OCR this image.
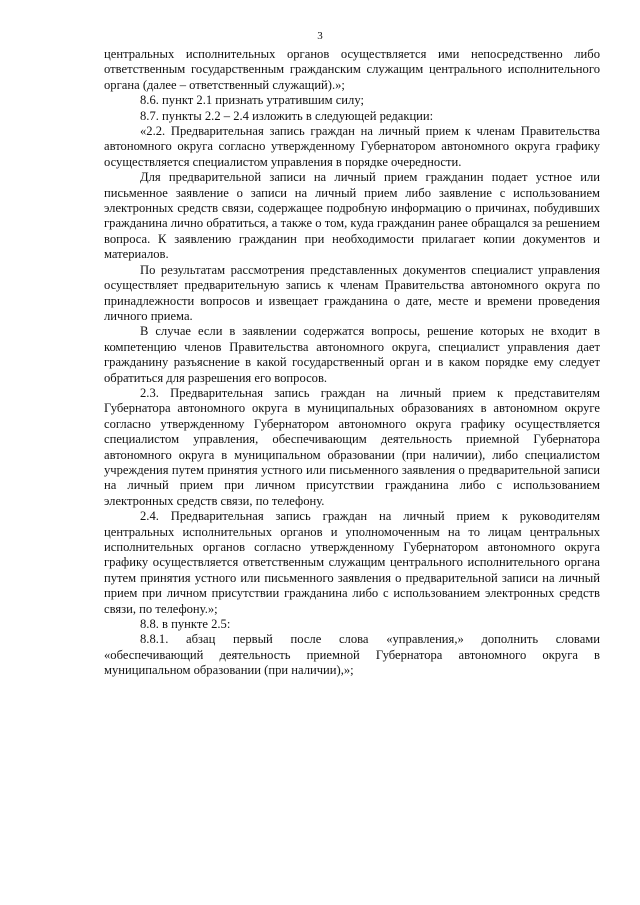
3

центральных исполнительных органов осуществляется ими непосредственно либо ответственным государственным гражданским служащим центрального исполнительного органа (далее – ответственный служащий).»;

8.6. пункт 2.1 признать утратившим силу;

8.7. пункты 2.2 – 2.4 изложить в следующей редакции:

«2.2. Предварительная запись граждан на личный прием к членам Правительства автономного округа согласно утвержденному Губернатором автономного округа графику осуществляется специалистом управления в порядке очередности.

Для предварительной записи на личный прием гражданин подает устное или письменное заявление о записи на личный прием либо заявление с использованием электронных средств связи, содержащее подробную информацию о причинах, побудивших гражданина лично обратиться, а также о том, куда гражданин ранее обращался за решением вопроса. К заявлению гражданин при необходимости прилагает копии документов и материалов.

По результатам рассмотрения представленных документов специалист управления осуществляет предварительную запись к членам Правительства автономного округа по принадлежности вопросов и извещает гражданина о дате, месте и времени проведения личного приема.

В случае если в заявлении содержатся вопросы, решение которых не входит в компетенцию членов Правительства автономного округа, специалист управления дает гражданину разъяснение в какой государственный орган и в каком порядке ему следует обратиться для разрешения его вопросов.

2.3. Предварительная запись граждан на личный прием к представителям Губернатора автономного округа в муниципальных образованиях в автономном округе согласно утвержденному Губернатором автономного округа графику осуществляется специалистом управления, обеспечивающим деятельность приемной Губернатора автономного округа в муниципальном образовании (при наличии), либо специалистом учреждения путем принятия устного или письменного заявления о предварительной записи на личный прием при личном присутствии гражданина либо с использованием электронных средств связи, по телефону.

2.4. Предварительная запись граждан на личный прием к руководителям центральных исполнительных органов и уполномоченным на то лицам центральных исполнительных органов согласно утвержденному Губернатором автономного округа графику осуществляется ответственным служащим центрального исполнительного органа путем принятия устного или письменного заявления о предварительной записи на личный прием при личном присутствии гражданина либо с использованием электронных средств связи, по телефону.»;

8.8. в пункте 2.5:

8.8.1. абзац первый после слова «управления,» дополнить словами «обеспечивающий деятельность приемной Губернатора автономного округа в муниципальном образовании (при наличии),»;
